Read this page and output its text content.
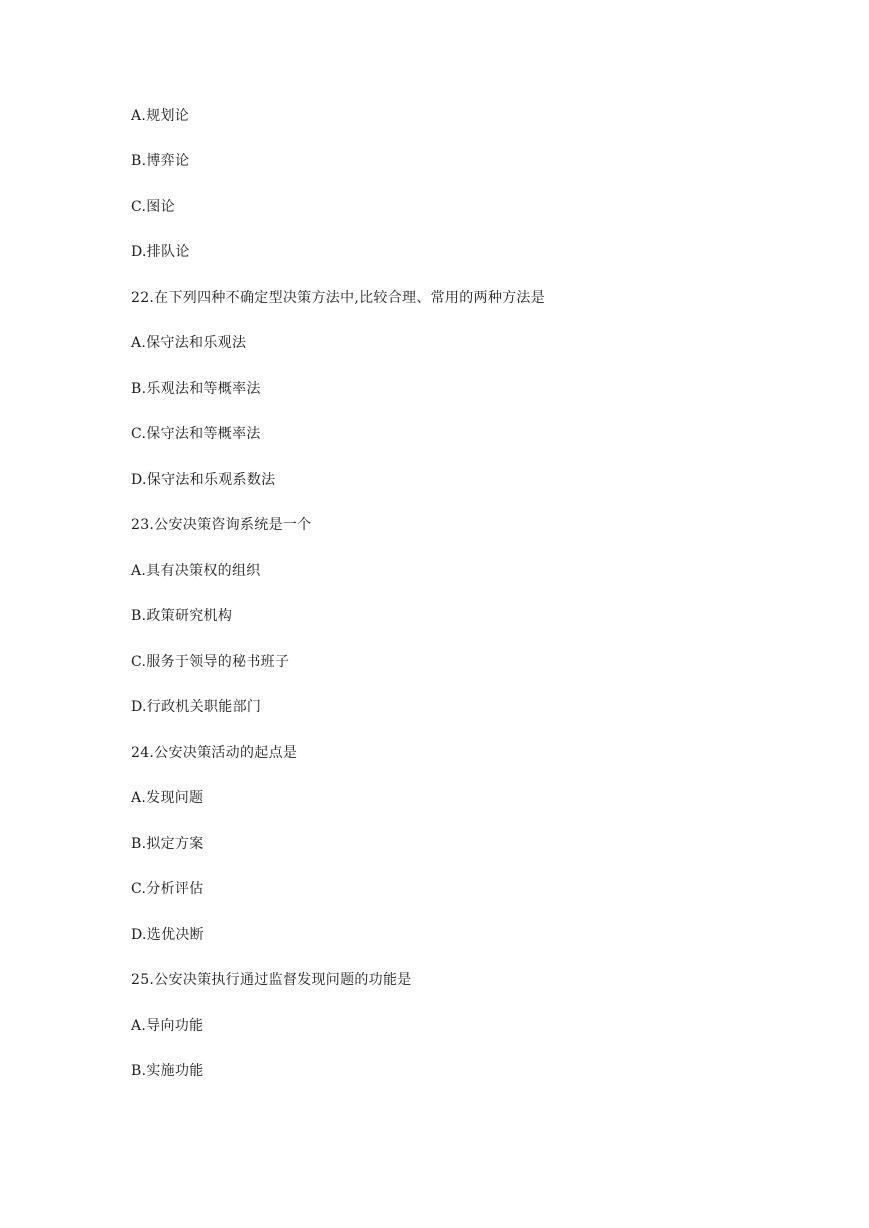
A.规划论
B.博弈论
C.图论
D.排队论
22.在下列四种不确定型决策方法中,比较合理、常用的两种方法是
A.保守法和乐观法
B.乐观法和等概率法
C.保守法和等概率法
D.保守法和乐观系数法
23.公安决策咨询系统是一个
A.具有决策权的组织
B.政策研究机构
C.服务于领导的秘书班子
D.行政机关职能部门
24.公安决策活动的起点是
A.发现问题
B.拟定方案
C.分析评估
D.选优决断
25.公安决策执行通过监督发现问题的功能是
A.导向功能
B.实施功能
